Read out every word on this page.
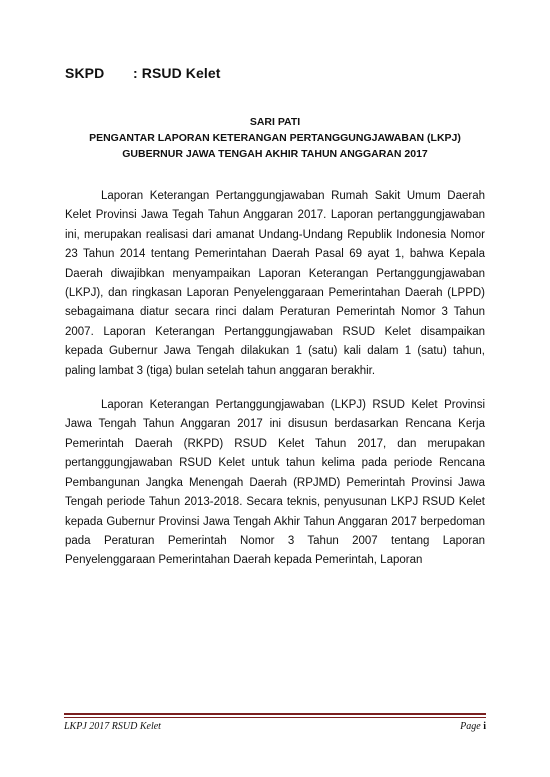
SKPD : RSUD Kelet
SARI PATI
PENGANTAR LAPORAN KETERANGAN PERTANGGUNGJAWABAN (LKPJ)
GUBERNUR JAWA TENGAH AKHIR TAHUN ANGGARAN 2017

Laporan Keterangan Pertanggungjawaban Rumah Sakit Umum Daerah Kelet Provinsi Jawa Tegah Tahun Anggaran 2017. Laporan pertanggungjawaban ini, merupakan realisasi dari amanat Undang-Undang Republik Indonesia Nomor 23 Tahun 2014 tentang Pemerintahan Daerah Pasal 69 ayat 1, bahwa Kepala Daerah diwajibkan menyampaikan Laporan Keterangan Pertanggungjawaban (LKPJ), dan ringkasan Laporan Penyelenggaraan Pemerintahan Daerah (LPPD) sebagaimana diatur secara rinci dalam Peraturan Pemerintah Nomor 3 Tahun 2007. Laporan Keterangan Pertanggungjawaban RSUD Kelet disampaikan kepada Gubernur Jawa Tengah dilakukan 1 (satu) kali dalam 1 (satu) tahun, paling lambat 3 (tiga) bulan setelah tahun anggaran berakhir.

Laporan Keterangan Pertanggungjawaban (LKPJ) RSUD Kelet Provinsi Jawa Tengah Tahun Anggaran 2017 ini disusun berdasarkan Rencana Kerja Pemerintah Daerah (RKPD) RSUD Kelet Tahun 2017, dan merupakan pertanggungjawaban RSUD Kelet untuk tahun kelima pada periode Rencana Pembangunan Jangka Menengah Daerah (RPJMD) Pemerintah Provinsi Jawa Tengah periode Tahun 2013-2018. Secara teknis, penyusunan LKPJ RSUD Kelet kepada Gubernur Provinsi Jawa Tengah Akhir Tahun Anggaran 2017 berpedoman pada Peraturan Pemerintah Nomor 3 Tahun 2007 tentang Laporan Penyelenggaraan Pemerintahan Daerah kepada Pemerintah, Laporan

LKPJ 2017 RSUD Kelet	Page i
